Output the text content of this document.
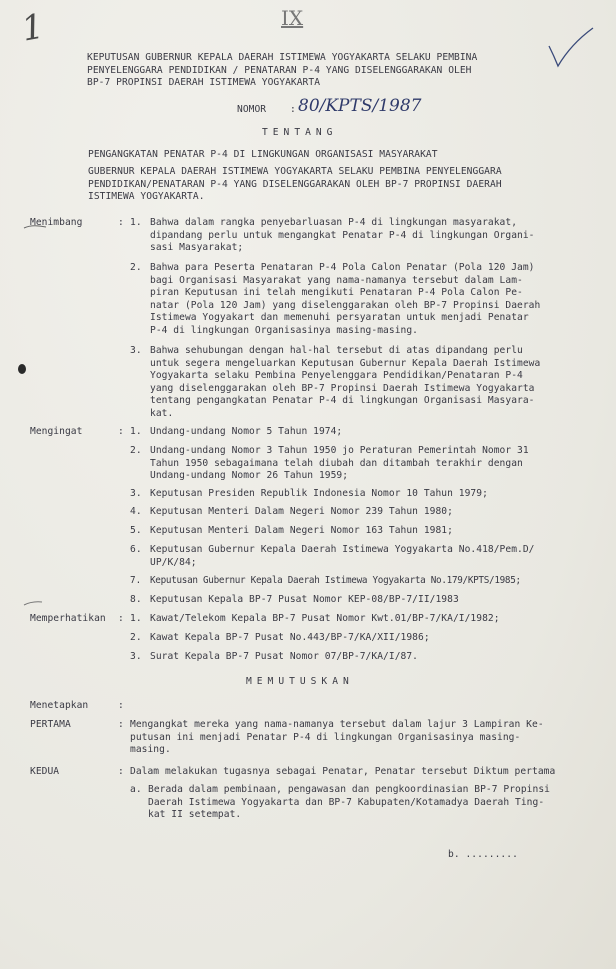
1	IX
KEPUTUSAN GUBERNUR KEPALA DAERAH ISTIMEWA YOGYAKARTA SELAKU PEMBINA
PENYELENGGARA PENDIDIKAN / PENATARAN P-4 YANG DISELENGGARAKAN OLEH
BP-7 PROPINSI DAERAH ISTIMEWA YOGYAKARTA
NOMOR : 80/KPTS/1987
TENTANG
PENGANGKATAN PENATAR P-4 DI LINGKUNGAN ORGANISASI MASYARAKAT
GUBERNUR KEPALA DAERAH ISTIMEWA YOGYAKARTA SELAKU PEMBINA PENYELENGGARA
PENDIDIKAN/PENATARAN P-4 YANG DISELENGGARAKAN OLEH BP-7 PROPINSI DAERAH
ISTIMEWA YOGYAKARTA.
Menimbang	: 1. Bahwa dalam rangka penyebarluasan P-4 di lingkungan masyarakat,
dipandang perlu untuk mengangkat Penatar P-4 di lingkungan Organi-
sasi Masyarakat;
2. Bahwa para Peserta Penataran P-4 Pola Calon Penatar (Pola 120 Jam)
bagi Organisasi Masyarakat yang nama-namanya tersebut dalam Lam-
piran Keputusan ini telah mengikuti Penataran P-4 Pola Calon Pe-
natar (Pola 120 Jam) yang diselenggarakan oleh BP-7 Propinsi Daerah
Istimewa Yogyakart dan memenuhi persyaratan untuk menjadi Penatar
P-4 di lingkungan Organisasinya masing-masing.
3. Bahwa sehubungan dengan hal-hal tersebut di atas dipandang perlu
untuk segera mengeluarkan Keputusan Gubernur Kepala Daerah Istimewa
Yogyakarta selaku Pembina Penyelenggara Pendidikan/Penataran P-4
yang diselenggarakan oleh BP-7 Propinsi Daerah Istimewa Yogyakarta
tentang pengangkatan Penatar P-4 di lingkungan Organisasi Masyara-
kat.
Mengingat	: 1. Undang-undang Nomor 5 Tahun 1974;
2. Undang-undang Nomor 3 Tahun 1950 jo Peraturan Pemerintah Nomor 31
Tahun 1950 sebagaimana telah diubah dan ditambah terakhir dengan
Undang-undang Nomor 26 Tahun 1959;
3. Keputusan Presiden Republik Indonesia Nomor 10 Tahun 1979;
4. Keputusan Menteri Dalam Negeri Nomor 239 Tahun 1980;
5. Keputusan Menteri Dalam Negeri Nomor 163 Tahun 1981;
6. Keputusan Gubernur Kepala Daerah Istimewa Yogyakarta No.418/Pem.D/
UP/K/84;
7. Keputusan Gubernur Kepala Daerah Istimewa Yogyakarta No.179/KPTS/1985;
8. Keputusan Kepala BP-7 Pusat Nomor KEP-08/BP-7/II/1983
Memperhatikan : 1. Kawat/Telekom Kepala BP-7 Pusat Nomor Kwt.01/BP-7/KA/I/1982;
2. Kawat Kepala BP-7 Pusat No.443/BP-7/KA/XII/1986;
3. Surat Kepala BP-7 Pusat Nomor 07/BP-7/KA/I/87.
MEMUTUSKAN
Menetapkan	:
PERTAMA	: Mengangkat mereka yang nama-namanya tersebut dalam lajur 3 Lampiran Ke-
putusan ini menjadi Penatar P-4 di lingkungan Organisasinya masing-
masing.
KEDUA	: Dalam melakukan tugasnya sebagai Penatar, Penatar tersebut Diktum pertama
a. Berada dalam pembinaan, pengawasan dan pengkoordinasian BP-7 Propinsi
Daerah Istimewa Yogyakarta dan BP-7 Kabupaten/Kotamadya Daerah Ting-
kat II setempat.
b. .........
